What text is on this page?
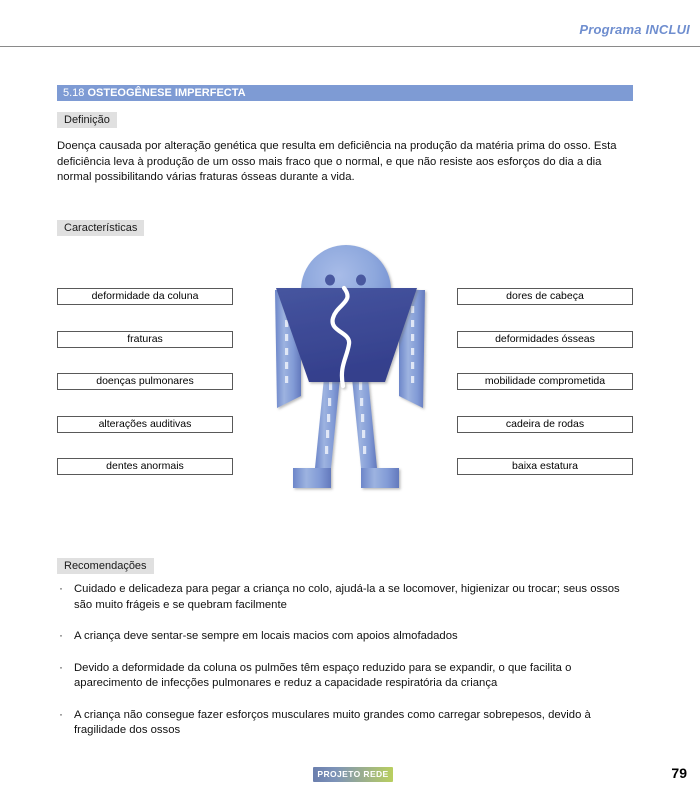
Programa INCLUI
5.18 OSTEOGÊNESE IMPERFECTA
Definição
Doença causada por alteração genética que resulta em deficiência na produção da matéria prima do osso. Esta deficiência leva à produção de um osso mais fraco que o normal, e que não resiste aos esforços do dia a dia normal possibilitando várias fraturas ósseas durante a vida.
Características
deformidade da coluna
fraturas
doenças pulmonares
alterações auditivas
dentes anormais
dores de cabeça
deformidades ósseas
mobilidade comprometida
cadeira de rodas
baixa estatura
Recomendações
· Cuidado e delicadeza para pegar a criança no colo, ajudá-la a se locomover, higienizar ou trocar; seus ossos são muito frágeis e se quebram facilmente
· A criança deve sentar-se sempre em locais macios com apoios almofadados
· Devido a deformidade da coluna os pulmões têm espaço reduzido para se expandir, o que facilita o aparecimento de infecções pulmonares e reduz a capacidade respiratória da criança
· A criança não consegue fazer esforços musculares muito grandes como carregar sobrepesos, devido à fragilidade dos ossos
PROJETO REDE	79
